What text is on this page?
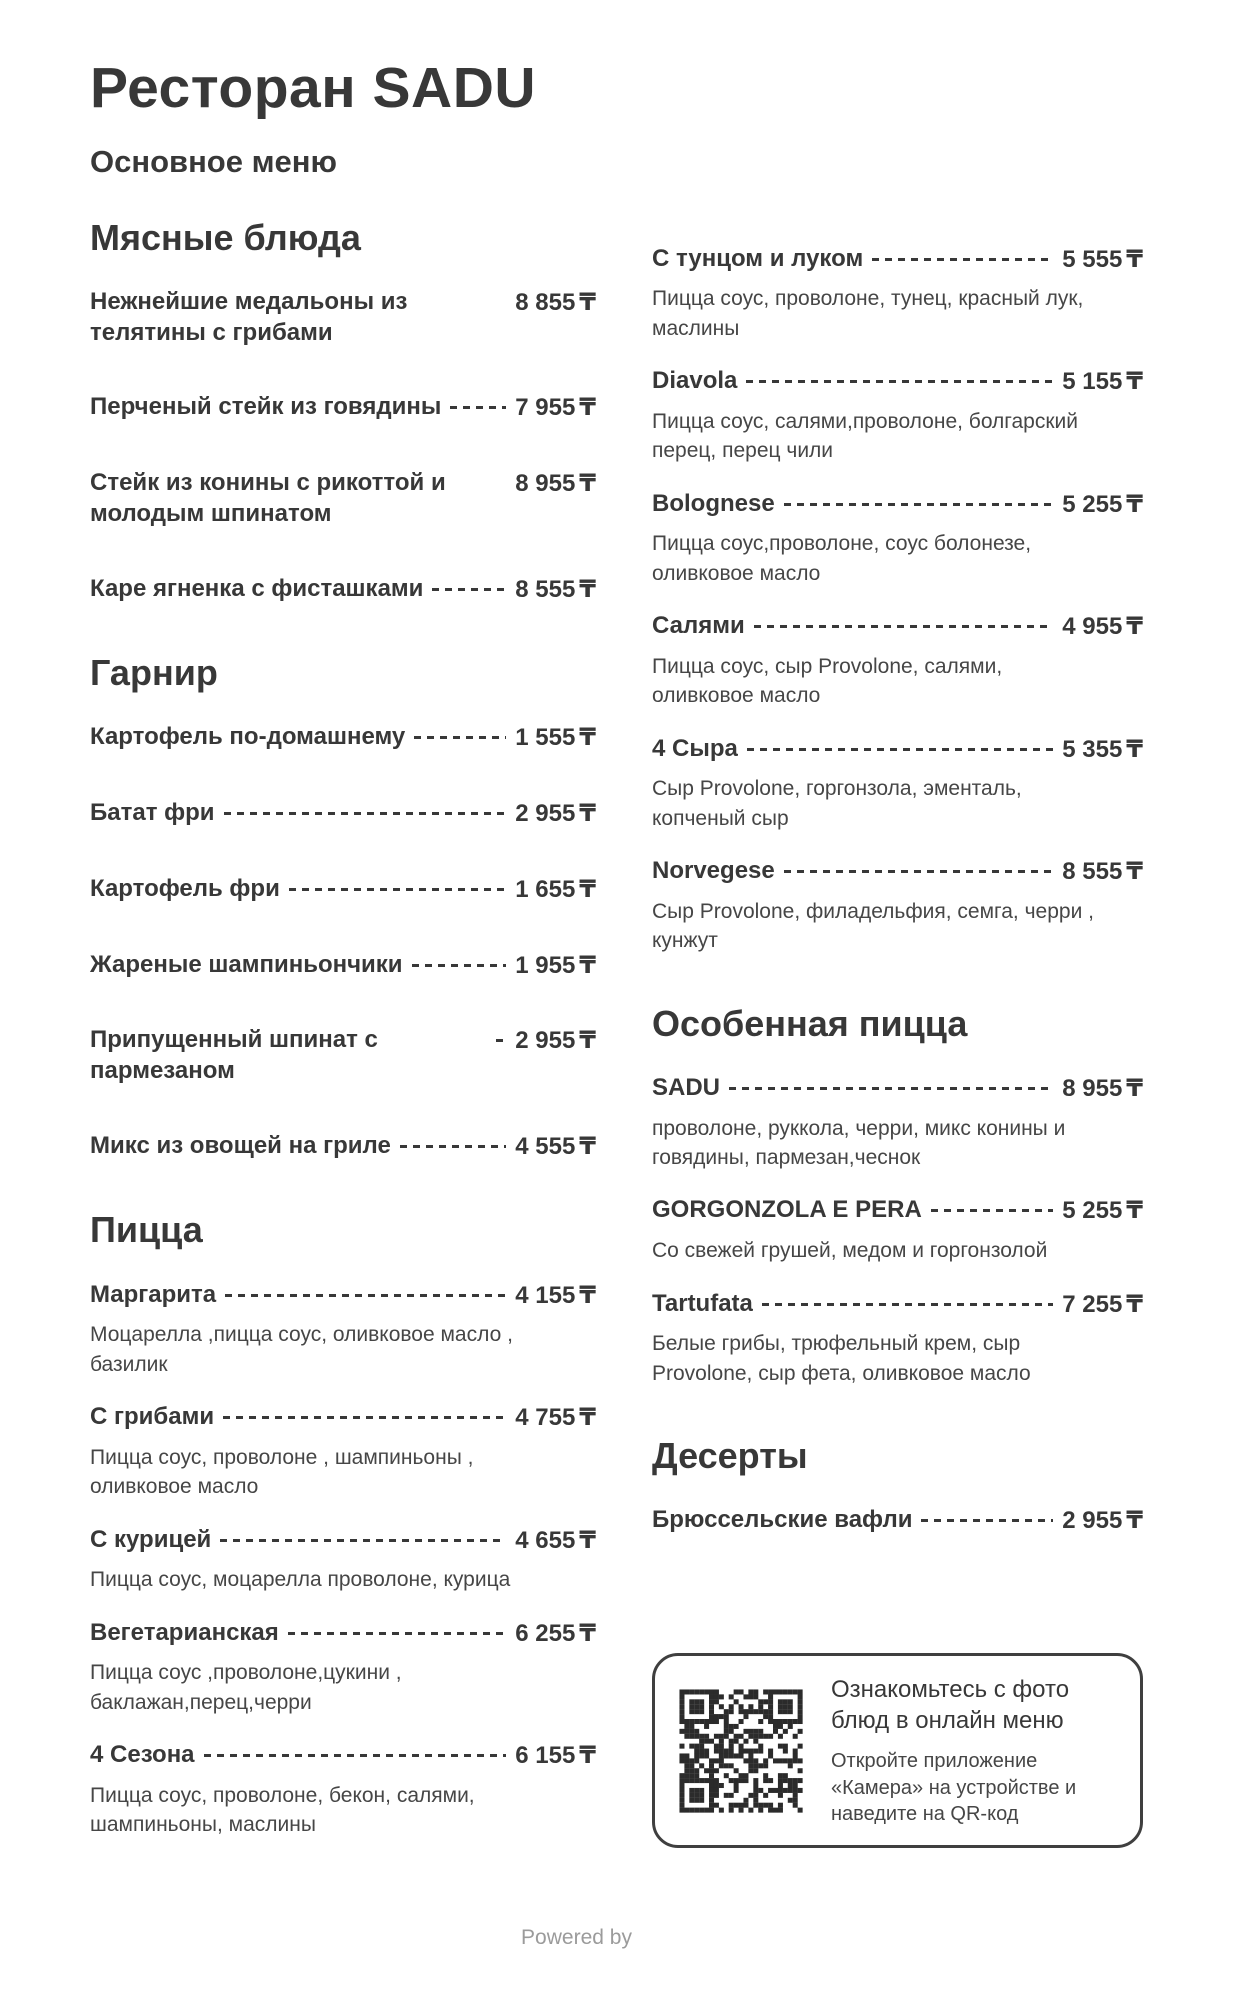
Ресторан SADU
Основное меню
Мясные блюда
Нежнейшие медальоны из телятины с грибами
8 855 ₸
Перченый стейк из говядины	7 955 ₸
Стейк из конины с рикоттой и молодым шпинатом
8 955 ₸
Каре ягненка с фисташками	8 555 ₸
Гарнир
Картофель по-домашнему	1 555 ₸
Батат фри	2 955 ₸
Картофель фри	1 655 ₸
Жареные шампиньончики	1 955 ₸
Припущенный шпинат с пармезаном
2 955 ₸
Микс из овощей на гриле	4 555 ₸
Пицца
Маргарита	4 155 ₸
Моцарелла ,пицца соус, оливковое масло , базилик
С грибами	4 755 ₸
Пицца соус, проволоне , шампиньоны , оливковое масло
С курицей	4 655 ₸
Пицца соус, моцарелла проволоне, курица
Вегетарианская	6 255 ₸
Пицца соус ,проволоне,цукини , баклажан,перец,черри
4 Сезона	6 155 ₸
Пицца соус, проволоне, бекон, салями, шампиньоны, маслины
С тунцом и луком	5 555 ₸
Пицца соус, проволоне, тунец, красный лук, маслины
Diavola	5 155 ₸
Пицца соус, салями,проволоне, болгарский перец, перец чили
Bolognese	5 255 ₸
Пицца соус,проволоне, соус болонезе, оливковое масло
Салями	4 955 ₸
Пицца соус, сыр Provolone, салями, оливковое масло
4 Сыра	5 355 ₸
Сыр Provolone, горгонзола, эменталь, копченый сыр
Norvegese	8 555 ₸
Сыр Provolone, филадельфия, семга, черри , кунжут
Особенная пицца
SADU	8 955 ₸
проволоне, руккола, черри, микс конины и говядины, пармезан,чеснок
GORGONZOLA E PERA	5 255 ₸
Со свежей грушей, медом и горгонзолой
Tartufata	7 255 ₸
Белые грибы, трюфельный крем, сыр Provolone, сыр фета, оливковое масло
Десерты
Брюссельские вафли	2 955 ₸
Ознакомьтесь с фото блюд в онлайн меню
Откройте приложение «Камера» на устройстве и наведите на QR-код
Powered by
